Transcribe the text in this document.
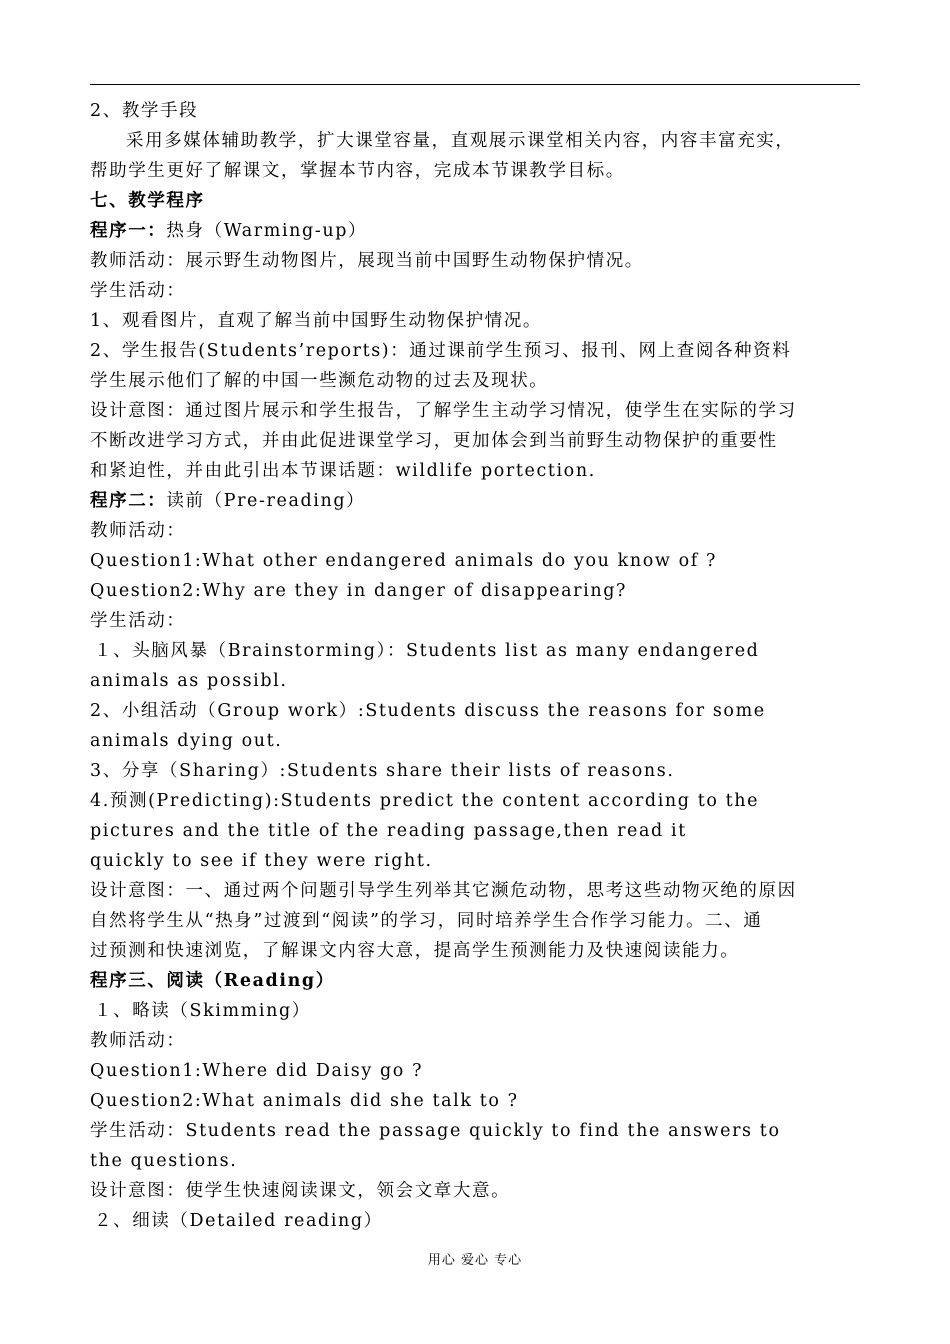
2、教学手段
采用多媒体辅助教学，扩大课堂容量，直观展示课堂相关内容，内容丰富充实，
帮助学生更好了解课文，掌握本节内容，完成本节课教学目标。
七、教学程序
程序一：热身（Warming-up）
教师活动：展示野生动物图片，展现当前中国野生动物保护情况。
学生活动：
1、观看图片，直观了解当前中国野生动物保护情况。
2、学生报告(Students’reports)：通过课前学生预习、报刊、网上查阅各种资料
学生展示他们了解的中国一些濒危动物的过去及现状。
设计意图：通过图片展示和学生报告，了解学生主动学习情况，使学生在实际的学习
不断改进学习方式，并由此促进课堂学习，更加体会到当前野生动物保护的重要性
和紧迫性，并由此引出本节课话题：wildlife portection.
程序二：读前（Pre-reading）
教师活动：
Question1:What other endangered animals do you know of ?
Question2:Why are they in danger of disappearing?
学生活动：
１、头脑风暴（Brainstorming）：Students list as many endangered
animals as possibl.
2、小组活动（Group work）:Students discuss the reasons for some
animals dying out.
3、分享（Sharing）:Students share their lists of reasons.
4.预测(Predicting):Students predict the content according to the
pictures and the title of the reading passage,then read it
quickly to see if they were right.
设计意图：一、通过两个问题引导学生列举其它濒危动物，思考这些动物灭绝的原因
自然将学生从“热身”过渡到“阅读”的学习，同时培养学生合作学习能力。二、通
过预测和快速浏览，了解课文内容大意，提高学生预测能力及快速阅读能力。
程序三、阅读（Reading）
１、略读（Skimming）
教师活动：
Question1:Where did Daisy go ?
Question2:What animals did she talk to ?
学生活动：Students read the passage quickly to find the answers to
the questions.
设计意图：使学生快速阅读课文，领会文章大意。
２、细读（Detailed reading）
用心 爱心 专心
